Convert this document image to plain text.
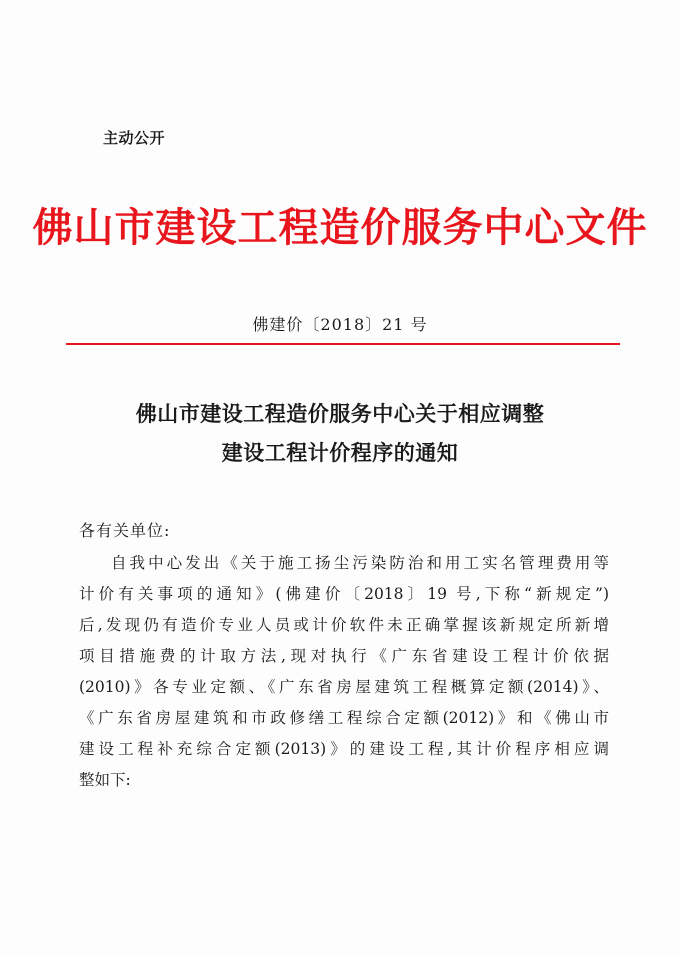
主动公开
佛山市建设工程造价服务中心文件
佛建价〔2018〕21 号
佛山市建设工程造价服务中心关于相应调整
建设工程计价程序的通知
各有关单位:
自我中心发出《关于施工扬尘污染防治和用工实名管理费用等
计价有关事项的通知》(佛建价〔2018〕19 号,下称“新规定”)
后,发现仍有造价专业人员或计价软件未正确掌握该新规定所新增
项目措施费的计取方法,现对执行《广东省建设工程计价依据
(2010)》各专业定额、《广东省房屋建筑工程概算定额(2014)》、
《广东省房屋建筑和市政修缮工程综合定额(2012)》和《佛山市
建设工程补充综合定额(2013)》的建设工程,其计价程序相应调
整如下:
